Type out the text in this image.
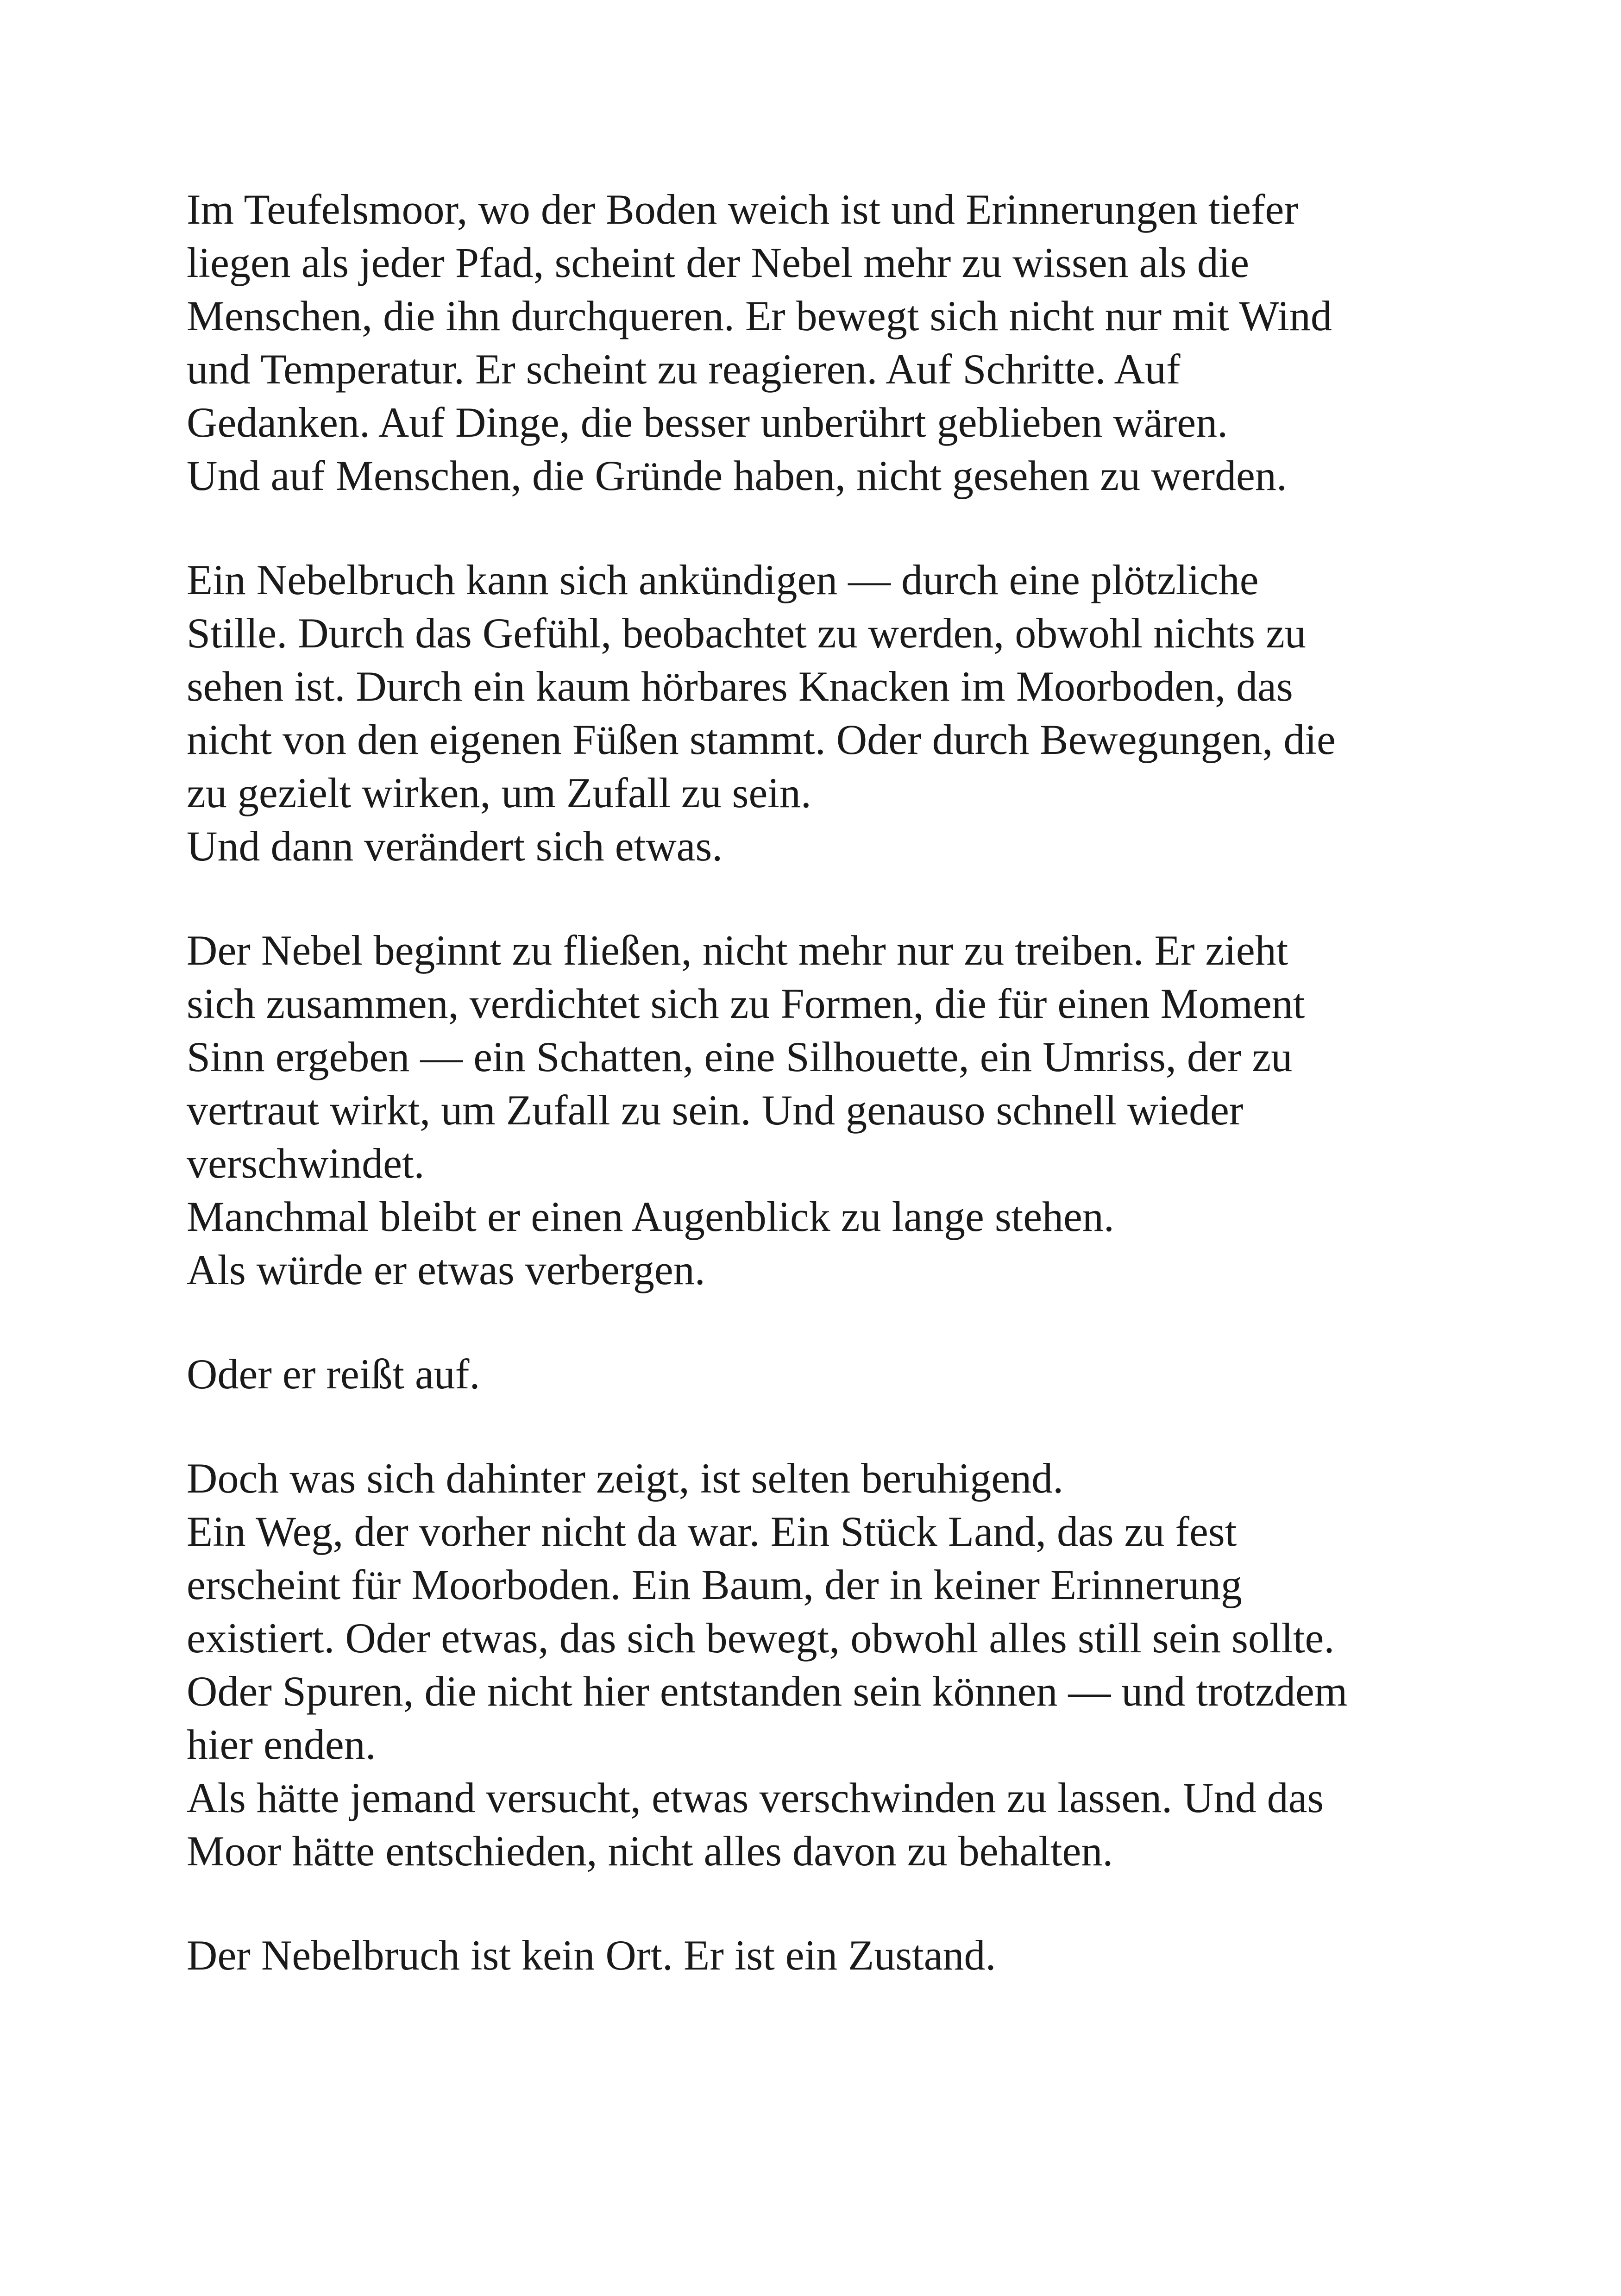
Im Teufelsmoor, wo der Boden weich ist und Erinnerungen tiefer
liegen als jeder Pfad, scheint der Nebel mehr zu wissen als die
Menschen, die ihn durchqueren. Er bewegt sich nicht nur mit Wind
und Temperatur. Er scheint zu reagieren. Auf Schritte. Auf
Gedanken. Auf Dinge, die besser unberührt geblieben wären.
Und auf Menschen, die Gründe haben, nicht gesehen zu werden.

Ein Nebelbruch kann sich ankündigen — durch eine plötzliche
Stille. Durch das Gefühl, beobachtet zu werden, obwohl nichts zu
sehen ist. Durch ein kaum hörbares Knacken im Moorboden, das
nicht von den eigenen Füßen stammt. Oder durch Bewegungen, die
zu gezielt wirken, um Zufall zu sein.
Und dann verändert sich etwas.

Der Nebel beginnt zu fließen, nicht mehr nur zu treiben. Er zieht
sich zusammen, verdichtet sich zu Formen, die für einen Moment
Sinn ergeben — ein Schatten, eine Silhouette, ein Umriss, der zu
vertraut wirkt, um Zufall zu sein. Und genauso schnell wieder
verschwindet.
Manchmal bleibt er einen Augenblick zu lange stehen.
Als würde er etwas verbergen.

Oder er reißt auf.

Doch was sich dahinter zeigt, ist selten beruhigend.
Ein Weg, der vorher nicht da war. Ein Stück Land, das zu fest
erscheint für Moorboden. Ein Baum, der in keiner Erinnerung
existiert. Oder etwas, das sich bewegt, obwohl alles still sein sollte.
Oder Spuren, die nicht hier entstanden sein können — und trotzdem
hier enden.
Als hätte jemand versucht, etwas verschwinden zu lassen. Und das
Moor hätte entschieden, nicht alles davon zu behalten.

Der Nebelbruch ist kein Ort. Er ist ein Zustand.
